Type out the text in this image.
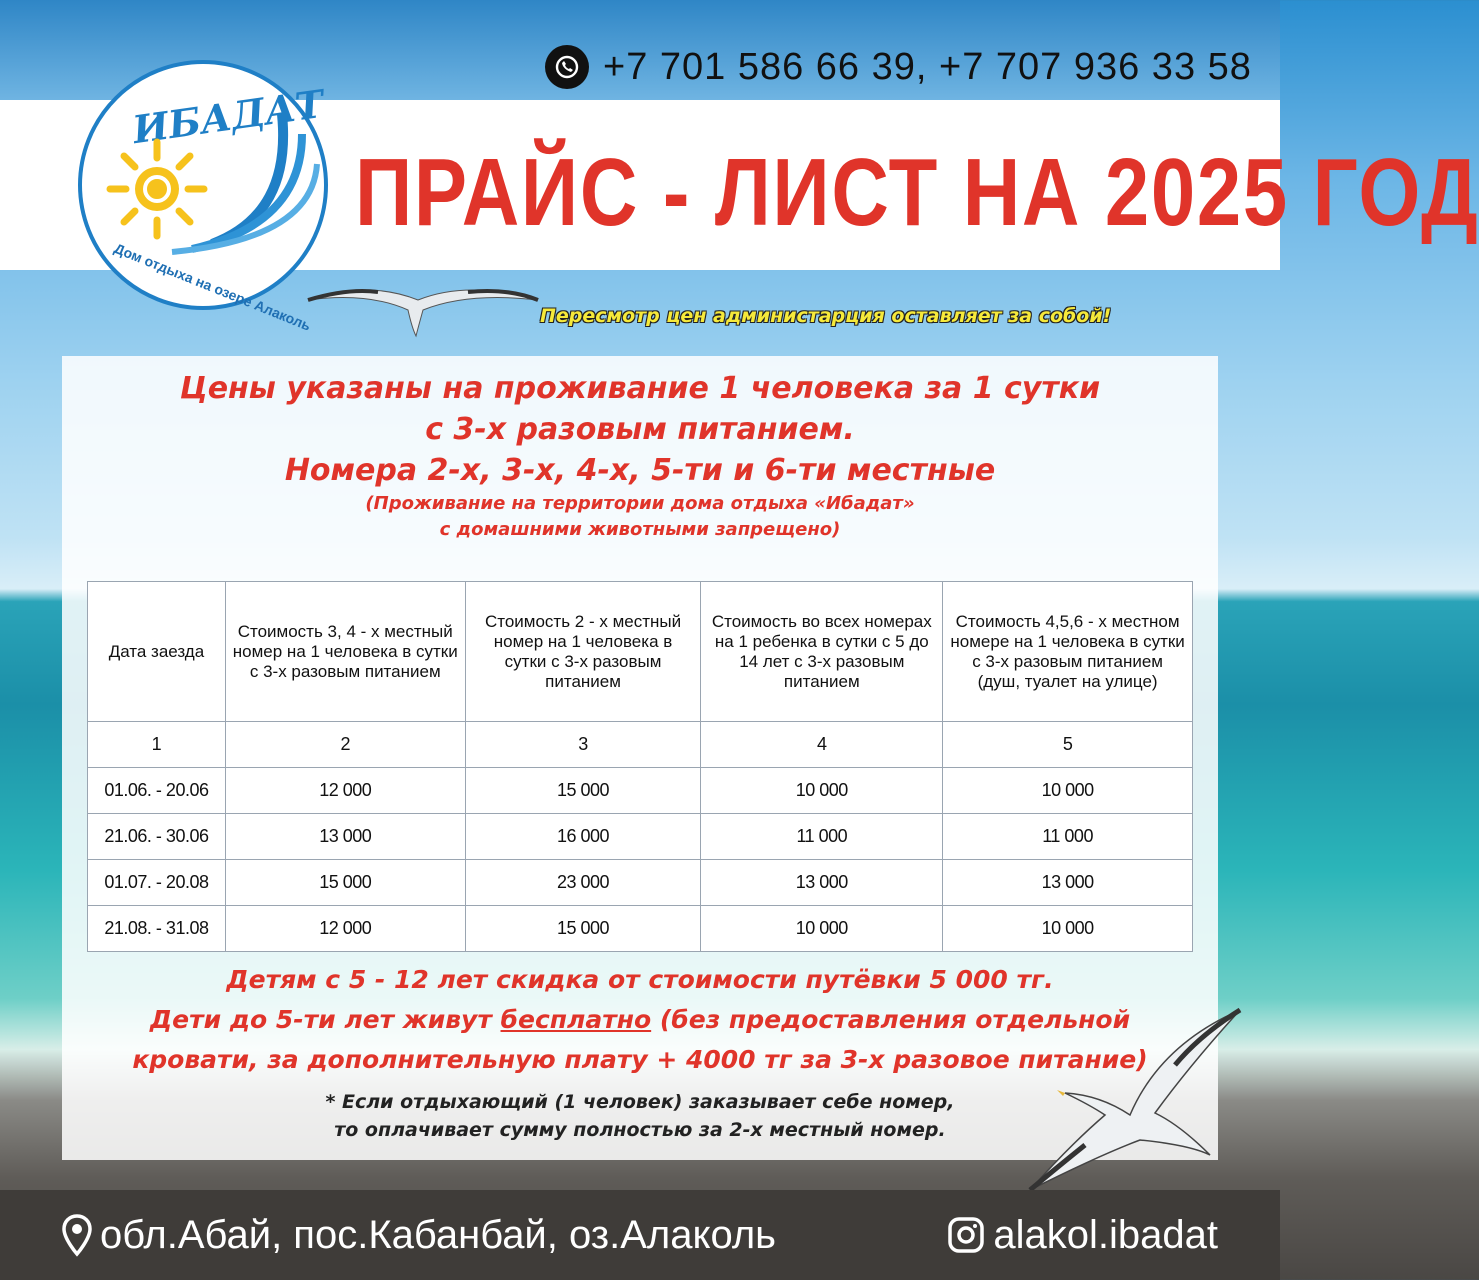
+7 701 586 66 39, +7 707 936 33 58
ИБАДАТ
Дом отдыха на озере Алаколь
ПРАЙС - ЛИСТ НА 2025 ГОД
Пересмотр цен администарция оставляет за собой!
Цены указаны на проживание 1 человека за 1 сутки
с 3-х разовым питанием.
Номера 2-х, 3-х, 4-х, 5-ти и 6-ти местные
(Проживание на территории дома отдыха «Ибадат»
с домашними животными запрещено)
Дата заезда	Стоимость 3, 4 - х местный номер на 1 человека в сутки с 3-х разовым питанием	Стоимость 2 - х местный номер на 1 человека в сутки с 3-х разовым питанием	Стоимость во всех номерах на 1 ребенка в сутки с 5 до 14 лет с 3-х разовым питанием	Стоимость 4,5,6 - х местном номере на 1 человека в сутки с 3-х разовым питанием (душ, туалет на улице)
1	2	3	4	5
01.06. - 20.06	12 000	15 000	10 000	10 000
21.06. - 30.06	13 000	16 000	11 000	11 000
01.07. - 20.08	15 000	23 000	13 000	13 000
21.08. - 31.08	12 000	15 000	10 000	10 000
Детям с 5 - 12 лет скидка от стоимости путёвки 5 000 тг.
Дети до 5-ти лет живут бесплатно (без предоставления отдельной
кровати, за дополнительную плату + 4000 тг за 3-х разовое питание)
* Если отдыхающий (1 человек) заказывает себе номер,
то оплачивает сумму полностью за 2-х местный номер.
обл.Абай, пос.Кабанбай, оз.Алаколь	alakol.ibadat
